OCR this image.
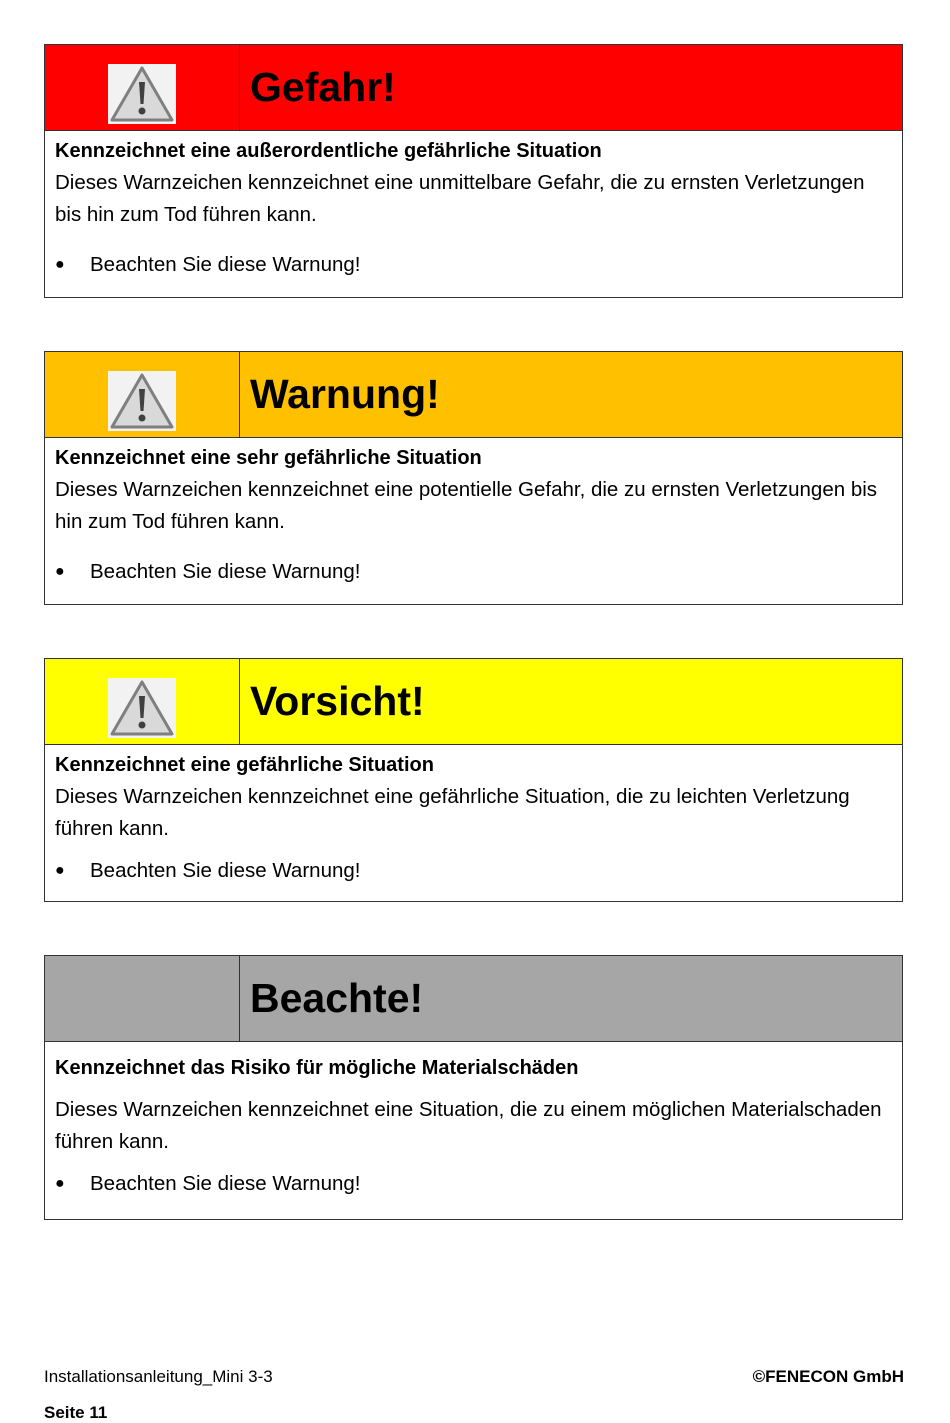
Gefahr!
Kennzeichnet eine außerordentliche gefährliche Situation
Dieses Warnzeichen kennzeichnet eine unmittelbare Gefahr, die zu ernsten Verletzungen bis hin zum Tod führen kann.
●	Beachten Sie diese Warnung!
Warnung!
Kennzeichnet eine sehr gefährliche Situation
Dieses Warnzeichen kennzeichnet eine potentielle Gefahr, die zu ernsten Verletzungen bis hin zum Tod führen kann.
●	Beachten Sie diese Warnung!
Vorsicht!
Kennzeichnet eine gefährliche Situation
Dieses Warnzeichen kennzeichnet eine gefährliche Situation, die zu leichten Verletzung führen kann.
●	Beachten Sie diese Warnung!
Beachte!
Kennzeichnet das Risiko für mögliche Materialschäden
Dieses Warnzeichen kennzeichnet eine Situation, die zu einem möglichen Materialschaden führen kann.
●	Beachten Sie diese Warnung!
Installationsanleitung_Mini 3-3	©FENECON GmbH
Seite 11
